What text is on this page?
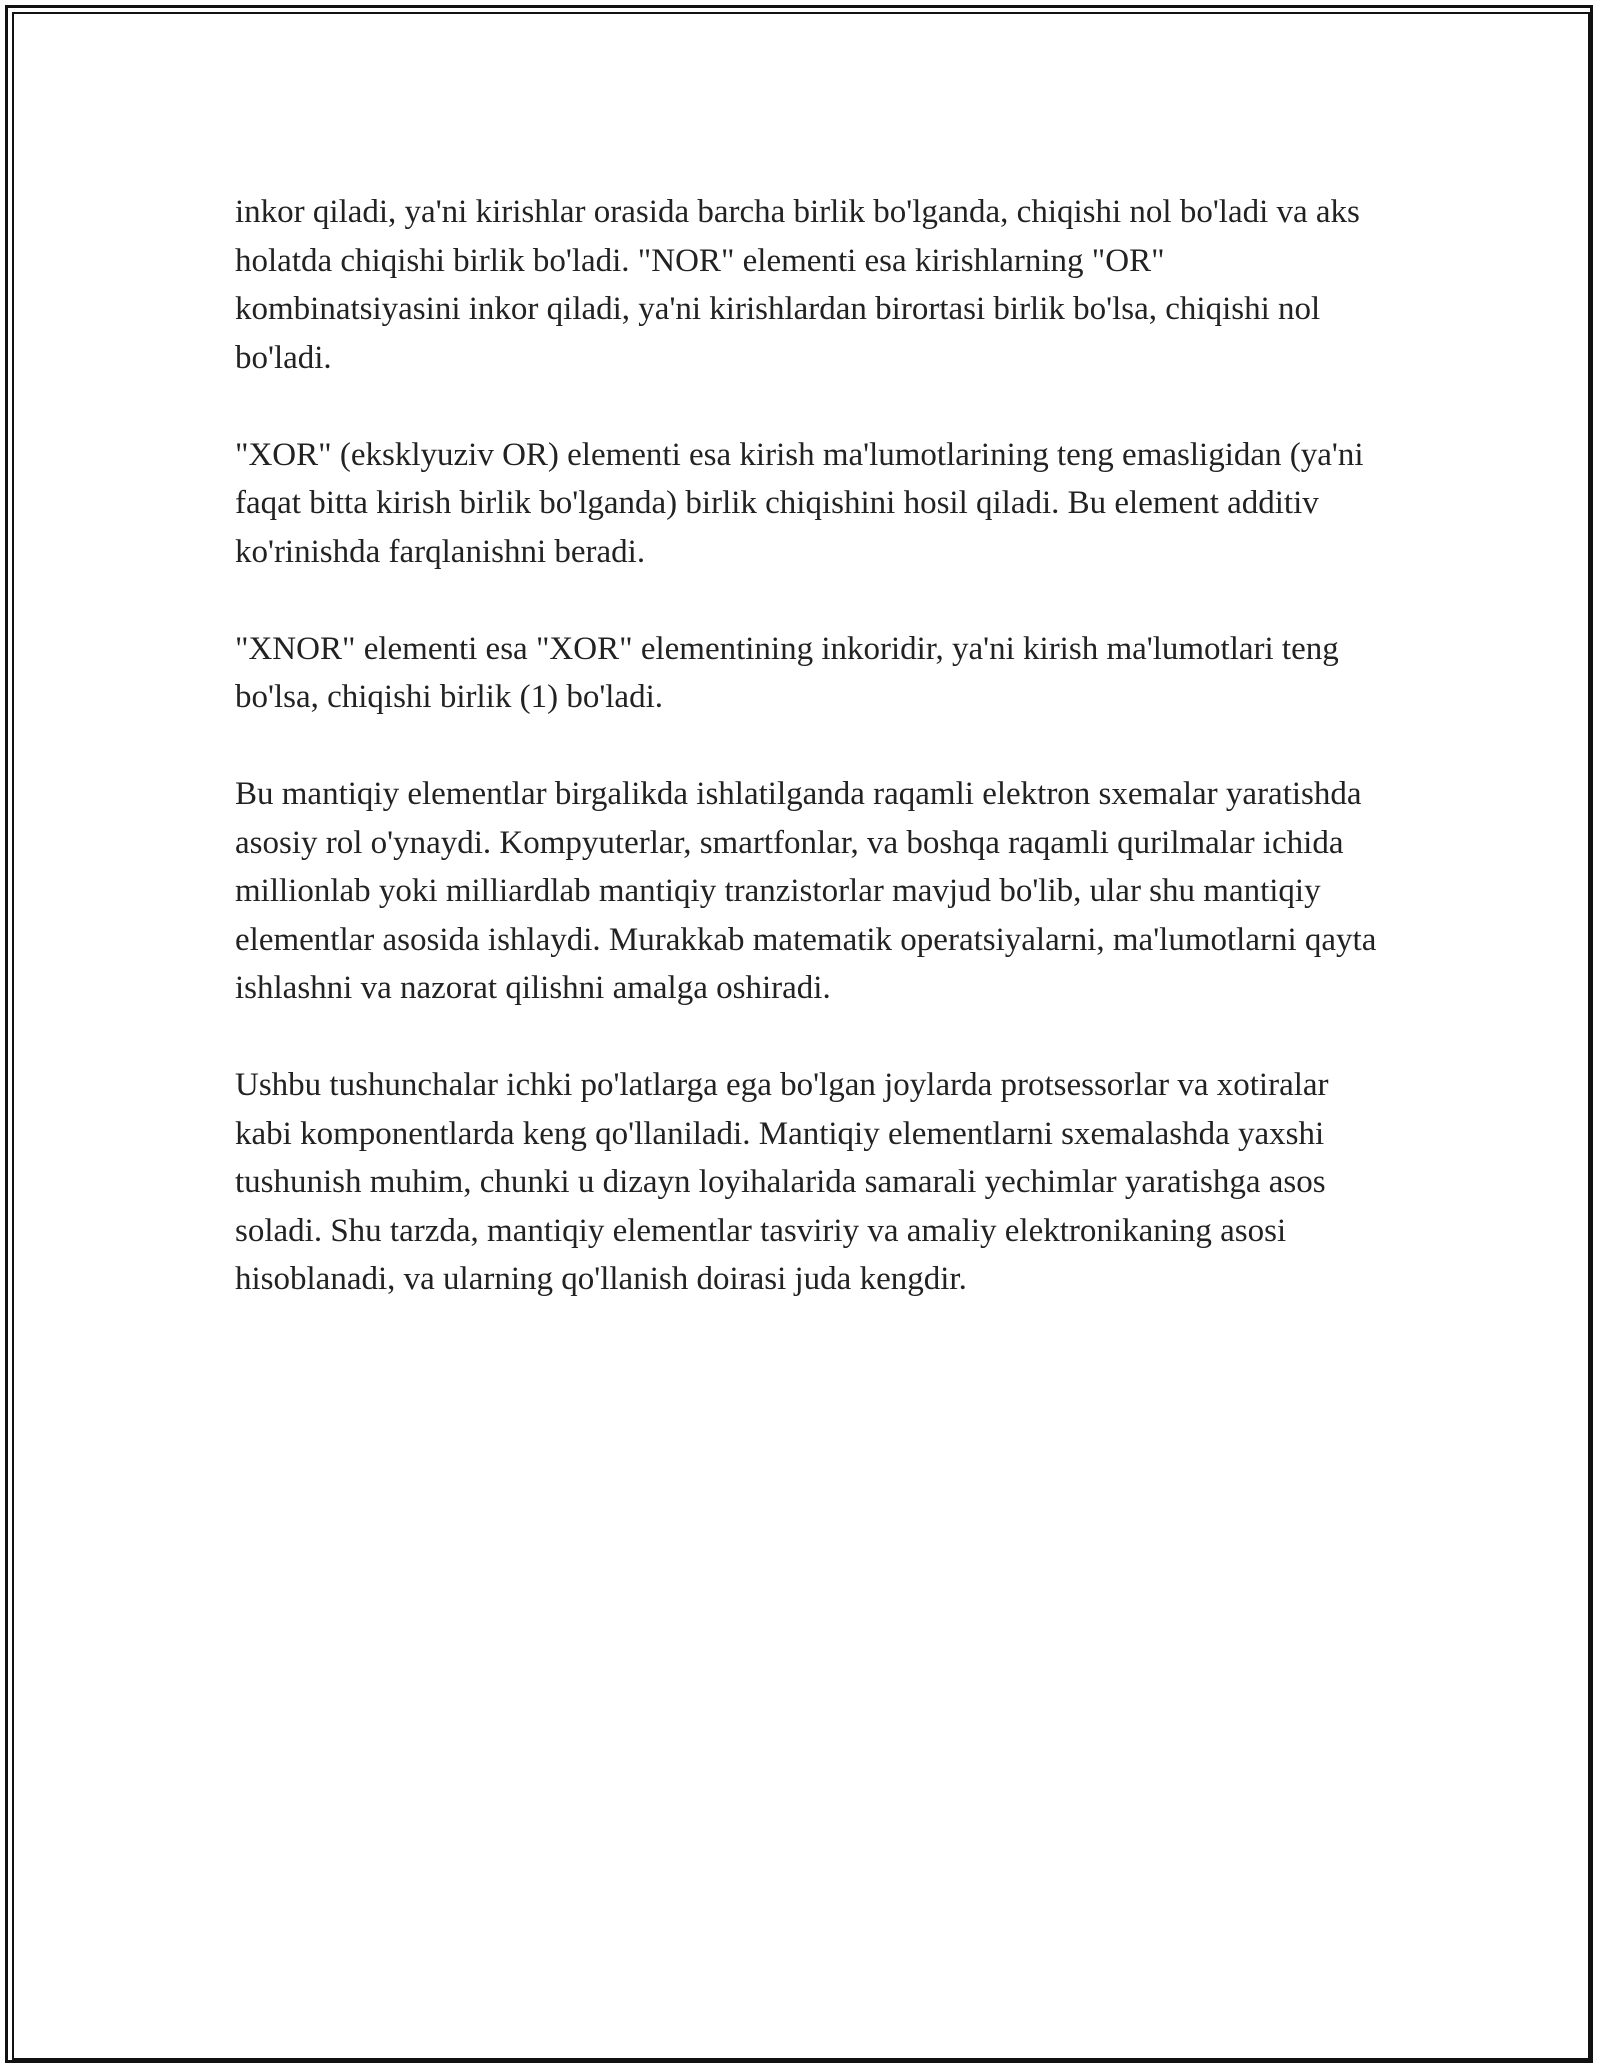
inkor qiladi, ya'ni kirishlar orasida barcha birlik bo'lganda, chiqishi nol bo'ladi va aks holatda chiqishi birlik bo'ladi. "NOR" elementi esa kirishlarning "OR" kombinatsiyasini inkor qiladi, ya'ni kirishlardan birortasi birlik bo'lsa, chiqishi nol bo'ladi.

"XOR" (eksklyuziv OR) elementi esa kirish ma'lumotlarining teng emasligidan (ya'ni faqat bitta kirish birlik bo'lganda) birlik chiqishini hosil qiladi. Bu element additiv ko'rinishda farqlanishni beradi.

"XNOR" elementi esa "XOR" elementining inkoridir, ya'ni kirish ma'lumotlari teng bo'lsa, chiqishi birlik (1) bo'ladi.

Bu mantiqiy elementlar birgalikda ishlatilganda raqamli elektron sxemalar yaratishda asosiy rol o'ynaydi. Kompyuterlar, smartfonlar, va boshqa raqamli qurilmalar ichida millionlab yoki milliardlab mantiqiy tranzistorlar mavjud bo'lib, ular shu mantiqiy elementlar asosida ishlaydi. Murakkab matematik operatsiyalarni, ma'lumotlarni qayta ishlashni va nazorat qilishni amalga oshiradi.

Ushbu tushunchalar ichki po'latlarga ega bo'lgan joylarda protsessorlar va xotiralar kabi komponentlarda keng qo'llaniladi. Mantiqiy elementlarni sxemalashda yaxshi tushunish muhim, chunki u dizayn loyihalarida samarali yechimlar yaratishga asos soladi. Shu tarzda, mantiqiy elementlar tasviriy va amaliy elektronikaning asosi hisoblanadi, va ularning qo'llanish doirasi juda kengdir.
